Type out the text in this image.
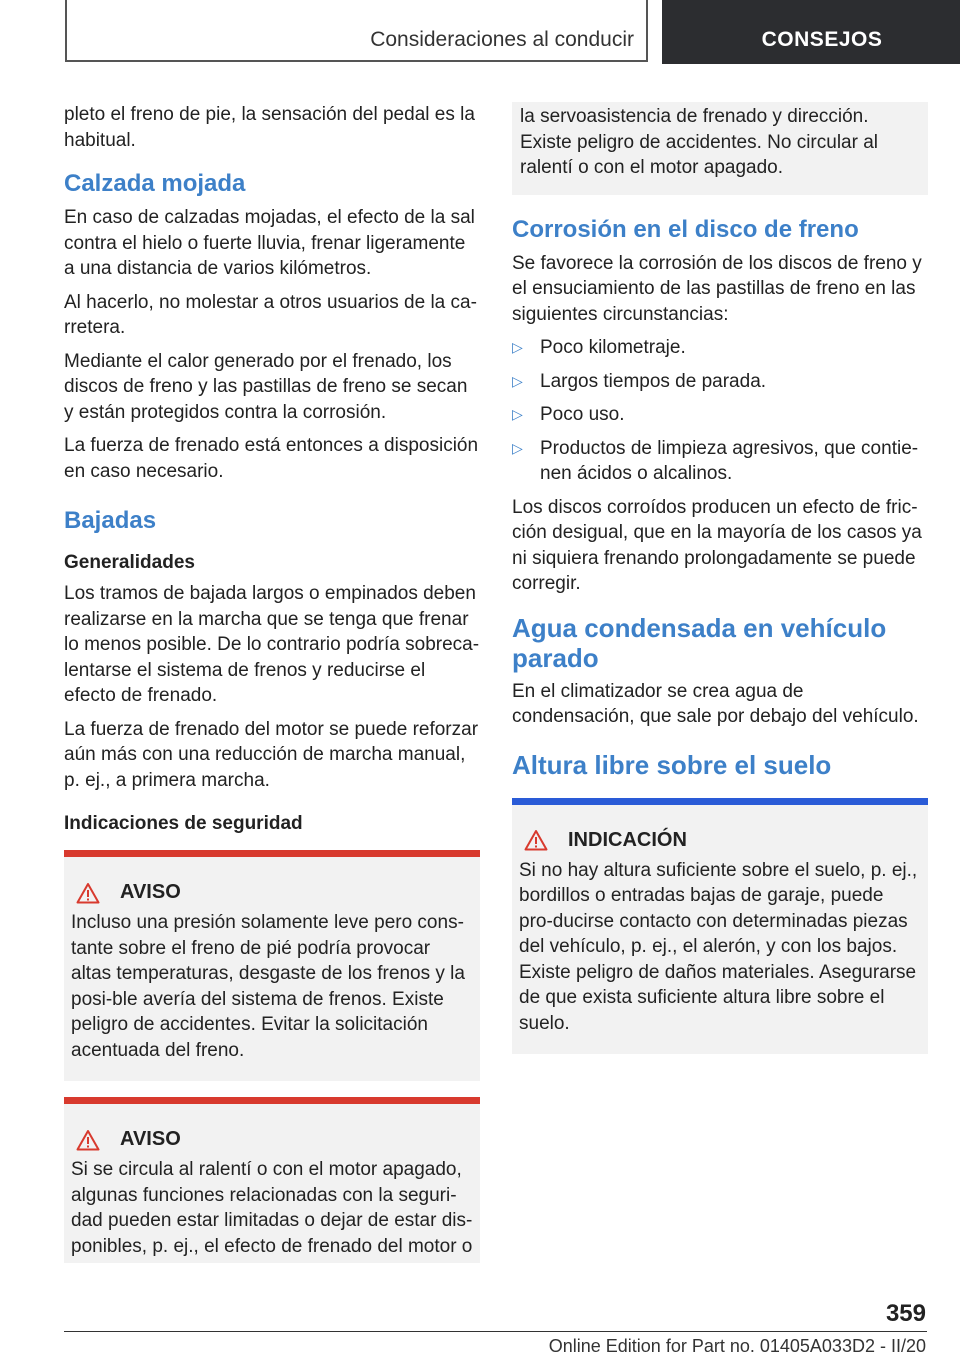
Consideraciones al conducir	CONSEJOS

pleto el freno de pie, la sensación del pedal es la habitual.

Calzada mojada

En caso de calzadas mojadas, el efecto de la sal contra el hielo o fuerte lluvia, frenar ligeramente a una distancia de varios kilómetros.

Al hacerlo, no molestar a otros usuarios de la ca-rretera.

Mediante el calor generado por el frenado, los discos de freno y las pastillas de freno se secan y están protegidos contra la corrosión.

La fuerza de frenado está entonces a disposición en caso necesario.

Bajadas
Generalidades

Los tramos de bajada largos o empinados deben realizarse en la marcha que se tenga que frenar lo menos posible. De lo contrario podría sobreca-lentarse el sistema de frenos y reducirse el efecto de frenado.

La fuerza de frenado del motor se puede reforzar aún más con una reducción de marcha manual, p. ej., a primera marcha.

Indicaciones de seguridad
AVISO

Incluso una presión solamente leve pero cons-tante sobre el freno de pié podría provocar altas temperaturas, desgaste de los frenos y la posi-ble avería del sistema de frenos. Existe peligro de accidentes. Evitar la solicitación acentuada del freno.

AVISO

Si se circula al ralentí o con el motor apagado, algunas funciones relacionadas con la seguri-dad pueden estar limitadas o dejar de estar dis-ponibles, p. ej., el efecto de frenado del motor o

la servoasistencia de frenado y dirección. Existe peligro de accidentes. No circular al ralentí o con el motor apagado.

Corrosión en el disco de freno

Se favorece la corrosión de los discos de freno y el ensuciamiento de las pastillas de freno en las siguientes circunstancias:

▷ Poco kilometraje.
▷ Largos tiempos de parada.
▷ Poco uso.
▷ Productos de limpieza agresivos, que contie-nen ácidos o alcalinos.

Los discos corroídos producen un efecto de fric-ción desigual, que en la mayoría de los casos ya ni siquiera frenando prolongadamente se puede corregir.

Agua condensada en vehículo parado

En el climatizador se crea agua de condensación, que sale por debajo del vehículo.

Altura libre sobre el suelo
INDICACIÓN

Si no hay altura suficiente sobre el suelo, p. ej., bordillos o entradas bajas de garaje, puede pro-ducirse contacto con determinadas piezas del vehículo, p. ej., el alerón, y con los bajos. Existe peligro de daños materiales. Asegurarse de que exista suficiente altura libre sobre el suelo.

359
Online Edition for Part no. 01405A033D2 - II/20
